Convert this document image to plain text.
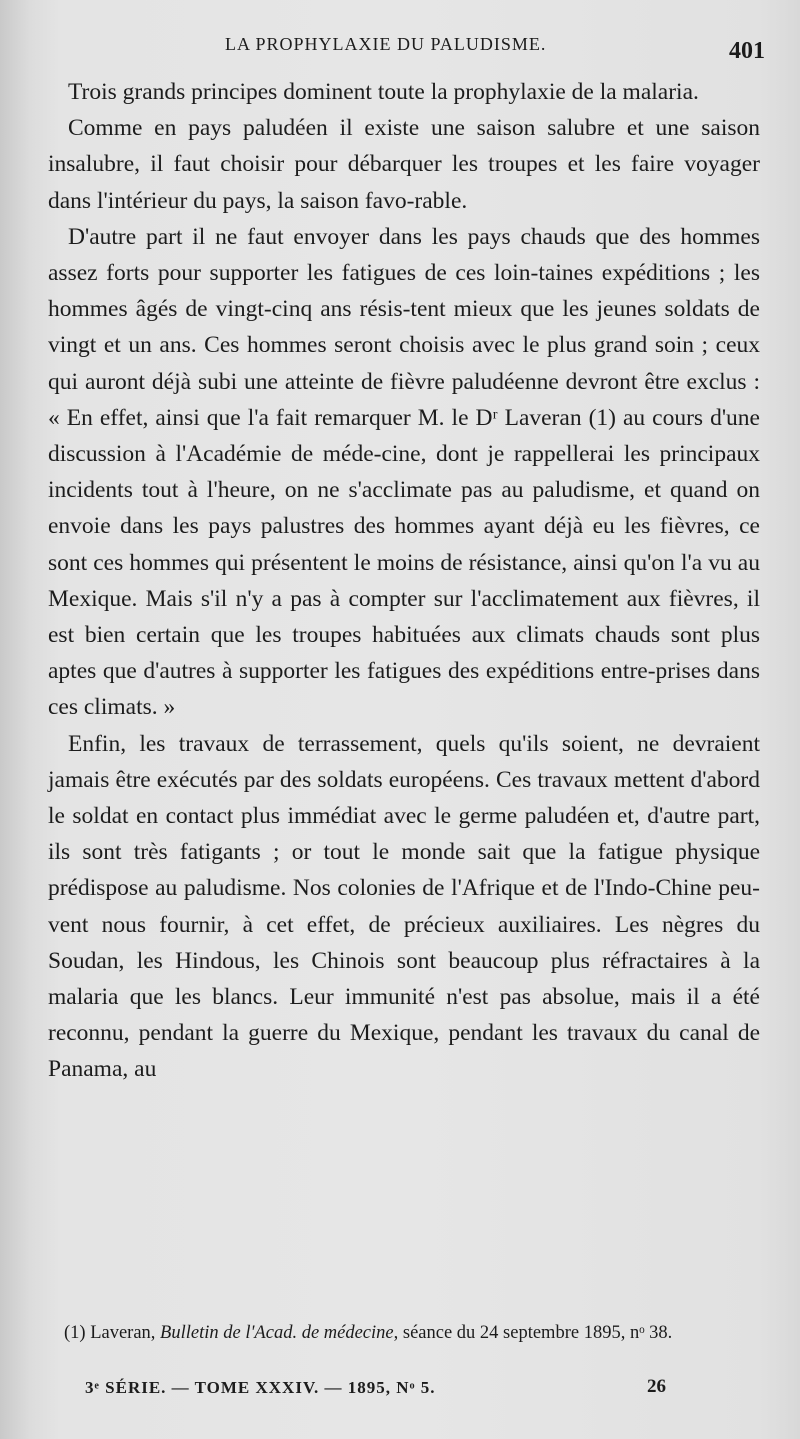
LA PROPHYLAXIE DU PALUDISME.	401

Trois grands principes dominent toute la prophylaxie de la malaria.

Comme en pays paludéen il existe une saison salubre et une saison insalubre, il faut choisir pour débarquer les troupes et les faire voyager dans l'intérieur du pays, la saison favo-rable.

D'autre part il ne faut envoyer dans les pays chauds que des hommes assez forts pour supporter les fatigues de ces loin-taines expéditions ; les hommes âgés de vingt-cinq ans résis-tent mieux que les jeunes soldats de vingt et un ans. Ces hommes seront choisis avec le plus grand soin ; ceux qui auront déjà subi une atteinte de fièvre paludéenne devront être exclus : « En effet, ainsi que l'a fait remarquer M. le Dʳ Laveran (1) au cours d'une discussion à l'Académie de méde-cine, dont je rappellerai les principaux incidents tout à l'heure, on ne s'acclimate pas au paludisme, et quand on envoie dans les pays palustres des hommes ayant déjà eu les fièvres, ce sont ces hommes qui présentent le moins de résistance, ainsi qu'on l'a vu au Mexique. Mais s'il n'y a pas à compter sur l'acclimatement aux fièvres, il est bien certain que les troupes habituées aux climats chauds sont plus aptes que d'autres à supporter les fatigues des expéditions entre-prises dans ces climats. »

Enfin, les travaux de terrassement, quels qu'ils soient, ne devraient jamais être exécutés par des soldats européens. Ces travaux mettent d'abord le soldat en contact plus immédiat avec le germe paludéen et, d'autre part, ils sont très fatigants ; or tout le monde sait que la fatigue physique prédispose au paludisme. Nos colonies de l'Afrique et de l'Indo-Chine peu-vent nous fournir, à cet effet, de précieux auxiliaires. Les nègres du Soudan, les Hindous, les Chinois sont beaucoup plus réfractaires à la malaria que les blancs. Leur immunité n'est pas absolue, mais il a été reconnu, pendant la guerre du Mexique, pendant les travaux du canal de Panama, au

(1) Laveran, Bulletin de l'Acad. de médecine, séance du 24 septembre 1895, nᵒ 38.

3ᵉ SÉRIE. — TOME XXXIV. — 1895, Nᵒ 5.	26
